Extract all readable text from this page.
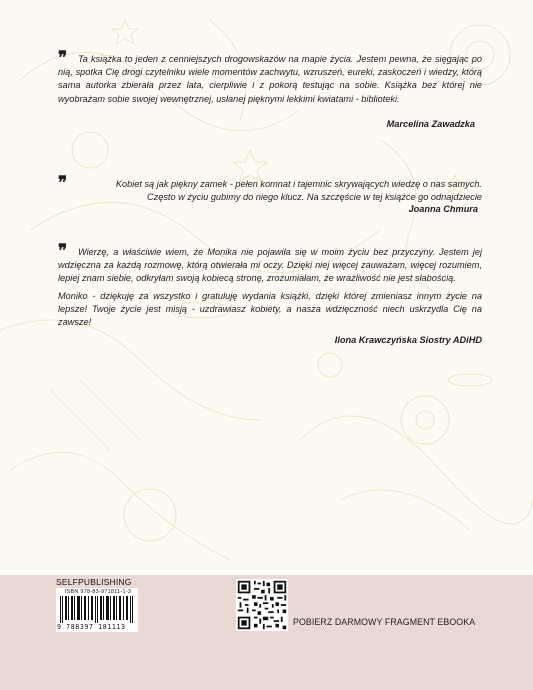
❞	Ta książka to jeden z cenniejszych drogowskazów na mapie życia. Jestem pewna, że sięgając po nią, spotka Cię drogi czytelniku wiele momentów zachwytu, wzruszeń, eureki, zaskoczeń i wiedzy, którą sama autorka zbierała przez lata, cierpliwie i z pokorą testując na sobie. Książka bez której nie wyobrażam sobie swojej wewnętrznej, usłanej pięknymi lekkimi kwiatami - biblioteki.

Marcelina Zawadzka

❞	Kobiet są jak piękny zamek - pełen komnat i tajemnic skrywających wiedzę o nas samych. Często w życiu gubimy do niego klucz. Na szczęście w tej książce go odnajdziecie

Joanna Chmura

❞	Wierzę, a właściwie wiem, że Monika nie pojawiła się w moim życiu bez przyczyny. Jestem jej wdzięczna za każdą rozmowę, którą otwierała mi oczy. Dzięki niej więcej zauważam, więcej rozumiem, lepiej znam siebie, odkryłam swoją kobiecą stronę, zrozumiałam, że wrażliwość nie jest słabością.

Moniko - dziękuję za wszystko i gratuluję wydania książki, dzięki której zmieniasz innym życie na lepsze! Twoje życie jest misją - uzdrawiasz kobiety, a nasza wdzięczność niech uskrzydla Cię na zawsze!

Ilona Krawczyńska Siostry ADiHD

SELFPUBLISHING
ISBN 978-83-971811-1-3
9 788397 181113	POBIERZ DARMOWY FRAGMENT EBOOKA
